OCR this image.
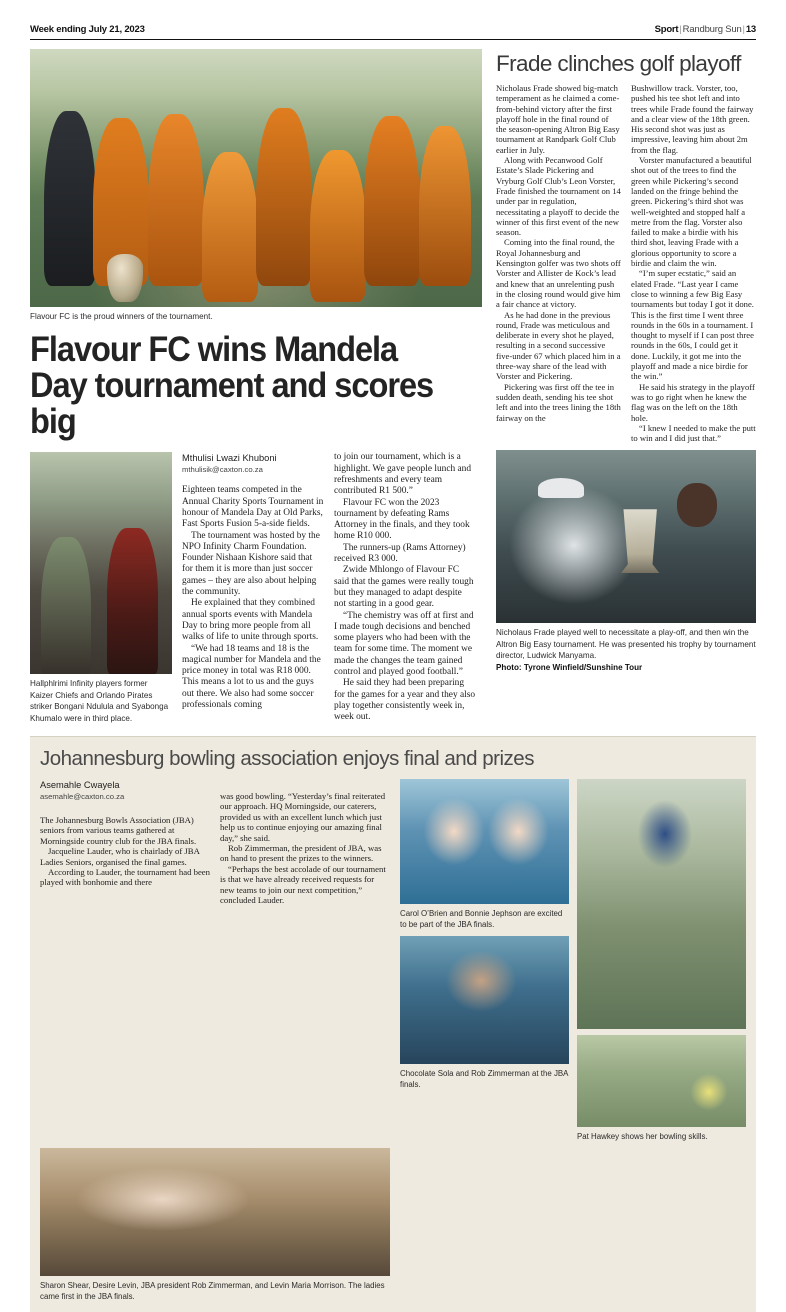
Week ending July 21, 2023	Sport|Randburg Sun|13
Flavour FC is the proud winners of the tournament.
Flavour FC wins Mandela Day tournament and scores big
Hallphlrimi Infinity players former Kaizer Chiefs and Orlando Pirates striker Bongani Ndulula and Syabonga Khumalo were in third place.
Mthulisi Lwazi Khuboni
mthulisik@caxton.co.za

Eighteen teams competed in the Annual Charity Sports Tournament in honour of Mandela Day at Old Parks, Fast Sports Fusion 5-a-side fields.

The tournament was hosted by the NPO Infinity Charm Foundation. Founder Nishaan Kishore said that for them it is more than just soccer games – they are also about helping the community.

He explained that they combined annual sports events with Mandela Day to bring more people from all walks of life to unite through sports.

“We had 18 teams and 18 is the magical number for Mandela and the price money in total was R18 000. This means a lot to us and the guys out there. We also had some soccer professionals coming

to join our tournament, which is a highlight. We gave people lunch and refreshments and every team contributed R1 500.”

Flavour FC won the 2023 tournament by defeating Rams Attorney in the finals, and they took home R10 000.

The runners-up (Rams Attorney) received R3 000.

Zwide Mhlongo of Flavour FC said that the games were really tough but they managed to adapt despite not starting in a good gear.

“The chemistry was off at first and I made tough decisions and benched some players who had been with the team for some time. The moment we made the changes the team gained control and played good football.”

He said they had been preparing for the games for a year and they also play together consistently week in, week out.

Frade clinches golf playoff

Nicholaus Frade showed big-match temperament as he claimed a come-from-behind victory after the first playoff hole in the final round of the season-opening Altron Big Easy tournament at Randpark Golf Club earlier in July.

Along with Pecanwood Golf Estate’s Slade Pickering and Vryburg Golf Club’s Leon Vorster, Frade finished the tournament on 14 under par in regulation, necessitating a playoff to decide the winner of this first event of the new season.

Coming into the final round, the Royal Johannesburg and Kensington golfer was two shots off Vorster and Allister de Kock’s lead and knew that an unrelenting push in the closing round would give him a fair chance at victory.

As he had done in the previous round, Frade was meticulous and deliberate in every shot he played, resulting in a second successive five-under 67 which placed him in a three-way share of the lead with Vorster and Pickering.

Pickering was first off the tee in sudden death, sending his tee shot left and into the trees lining the 18th fairway on the

Bushwillow track. Vorster, too, pushed his tee shot left and into trees while Frade found the fairway and a clear view of the 18th green. His second shot was just as impressive, leaving him about 2m from the flag.

Vorster manufactured a beautiful shot out of the trees to find the green while Pickering’s second landed on the fringe behind the green. Pickering’s third shot was well-weighted and stopped half a metre from the flag. Vorster also failed to make a birdie with his third shot, leaving Frade with a glorious opportunity to score a birdie and claim the win.

“I’m super ecstatic,” said an elated Frade. “Last year I came close to winning a few Big Easy tournaments but today I got it done. This is the first time I went three rounds in the 60s in a tournament. I thought to myself if I can post three rounds in the 60s, I could get it done. Luckily, it got me into the playoff and made a nice birdie for the win.”

He said his strategy in the playoff was to go right when he knew the flag was on the left on the 18th hole.

“I knew I needed to make the putt to win and I did just that.”

Nicholaus Frade played well to necessitate a play-off, and then win the Altron Big Easy tournament. He was presented his trophy by tournament director, Ludwick Manyama.
Photo: Tyrone Winfield/Sunshine Tour
Johannesburg bowling association enjoys final and prizes
Asemahle Cwayela
asemahle@caxton.co.za

The Johannesburg Bowls Association (JBA) seniors from various teams gathered at Morningside country club for the JBA finals.

Jacqueline Lauder, who is chairlady of JBA Ladies Seniors, organised the final games.

According to Lauder, the tournament had been played with bonhomie and there

was good bowling. “Yesterday’s final reiterated our approach. HQ Morningside, our caterers, provided us with an excellent lunch which just help us to continue enjoying our amazing final day,” she said.

Rob Zimmerman, the president of JBA, was on hand to present the prizes to the winners.

“Perhaps the best accolade of our tournament is that we have already received requests for new teams to join our next competition,” concluded Lauder.

Carol O’Brien and Bonnie Jephson are excited to be part of the JBA finals.
Chocolate Sola and Rob Zimmerman at the JBA finals.
Pat Hawkey shows her bowling skills.
Sharon Shear, Desire Levin, JBA president Rob Zimmerman, and Levin Maria Morrison. The ladies came first in the JBA finals.
